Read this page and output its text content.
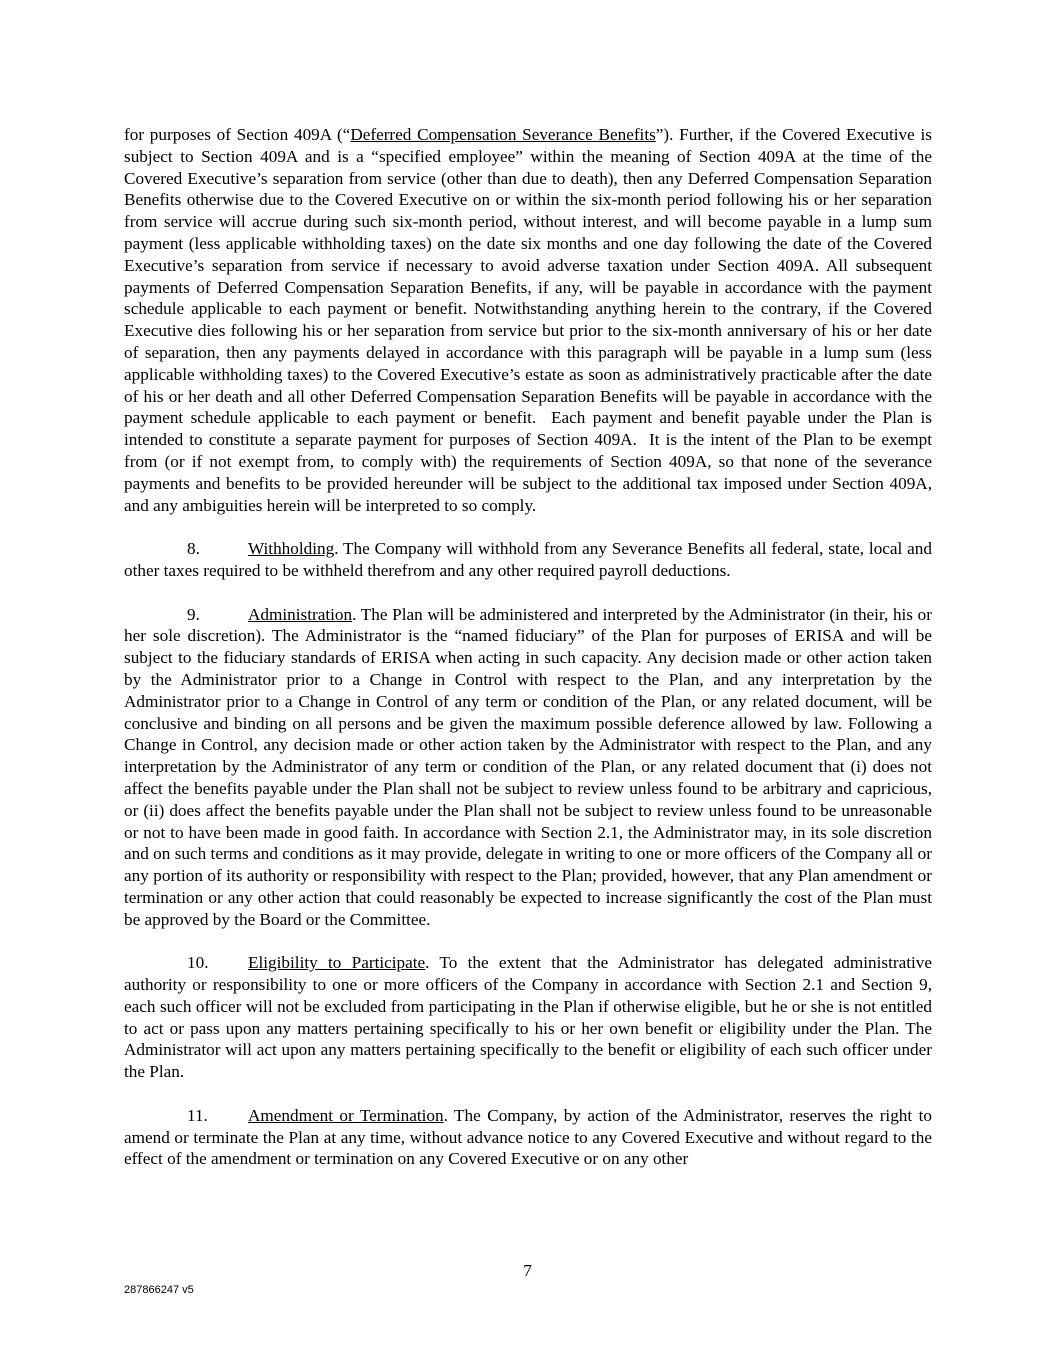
for purposes of Section 409A (“Deferred Compensation Severance Benefits”). Further, if the Covered Executive is subject to Section 409A and is a “specified employee” within the meaning of Section 409A at the time of the Covered Executive’s separation from service (other than due to death), then any Deferred Compensation Separation Benefits otherwise due to the Covered Executive on or within the six-month period following his or her separation from service will accrue during such six-month period, without interest, and will become payable in a lump sum payment (less applicable withholding taxes) on the date six months and one day following the date of the Covered Executive’s separation from service if necessary to avoid adverse taxation under Section 409A. All subsequent payments of Deferred Compensation Separation Benefits, if any, will be payable in accordance with the payment schedule applicable to each payment or benefit. Notwithstanding anything herein to the contrary, if the Covered Executive dies following his or her separation from service but prior to the six-month anniversary of his or her date of separation, then any payments delayed in accordance with this paragraph will be payable in a lump sum (less applicable withholding taxes) to the Covered Executive’s estate as soon as administratively practicable after the date of his or her death and all other Deferred Compensation Separation Benefits will be payable in accordance with the payment schedule applicable to each payment or benefit.  Each payment and benefit payable under the Plan is intended to constitute a separate payment for purposes of Section 409A.  It is the intent of the Plan to be exempt from (or if not exempt from, to comply with) the requirements of Section 409A, so that none of the severance payments and benefits to be provided hereunder will be subject to the additional tax imposed under Section 409A, and any ambiguities herein will be interpreted to so comply.

8.	Withholding. The Company will withhold from any Severance Benefits all federal, state, local and other taxes required to be withheld therefrom and any other required payroll deductions.

9.	Administration. The Plan will be administered and interpreted by the Administrator (in their, his or her sole discretion). The Administrator is the “named fiduciary” of the Plan for purposes of ERISA and will be subject to the fiduciary standards of ERISA when acting in such capacity. Any decision made or other action taken by the Administrator prior to a Change in Control with respect to the Plan, and any interpretation by the Administrator prior to a Change in Control of any term or condition of the Plan, or any related document, will be conclusive and binding on all persons and be given the maximum possible deference allowed by law. Following a Change in Control, any decision made or other action taken by the Administrator with respect to the Plan, and any interpretation by the Administrator of any term or condition of the Plan, or any related document that (i) does not affect the benefits payable under the Plan shall not be subject to review unless found to be arbitrary and capricious, or (ii) does affect the benefits payable under the Plan shall not be subject to review unless found to be unreasonable or not to have been made in good faith. In accordance with Section 2.1, the Administrator may, in its sole discretion and on such terms and conditions as it may provide, delegate in writing to one or more officers of the Company all or any portion of its authority or responsibility with respect to the Plan; provided, however, that any Plan amendment or termination or any other action that could reasonably be expected to increase significantly the cost of the Plan must be approved by the Board or the Committee.

10. Eligibility to Participate. To the extent that the Administrator has delegated administrative authority or responsibility to one or more officers of the Company in accordance with Section 2.1 and Section 9, each such officer will not be excluded from participating in the Plan if otherwise eligible, but he or she is not entitled to act or pass upon any matters pertaining specifically to his or her own benefit or eligibility under the Plan. The Administrator will act upon any matters pertaining specifically to the benefit or eligibility of each such officer under the Plan.

11. Amendment or Termination. The Company, by action of the Administrator, reserves the right to amend or terminate the Plan at any time, without advance notice to any Covered Executive and without regard to the effect of the amendment or termination on any Covered Executive or on any other

7
287866247 v5
